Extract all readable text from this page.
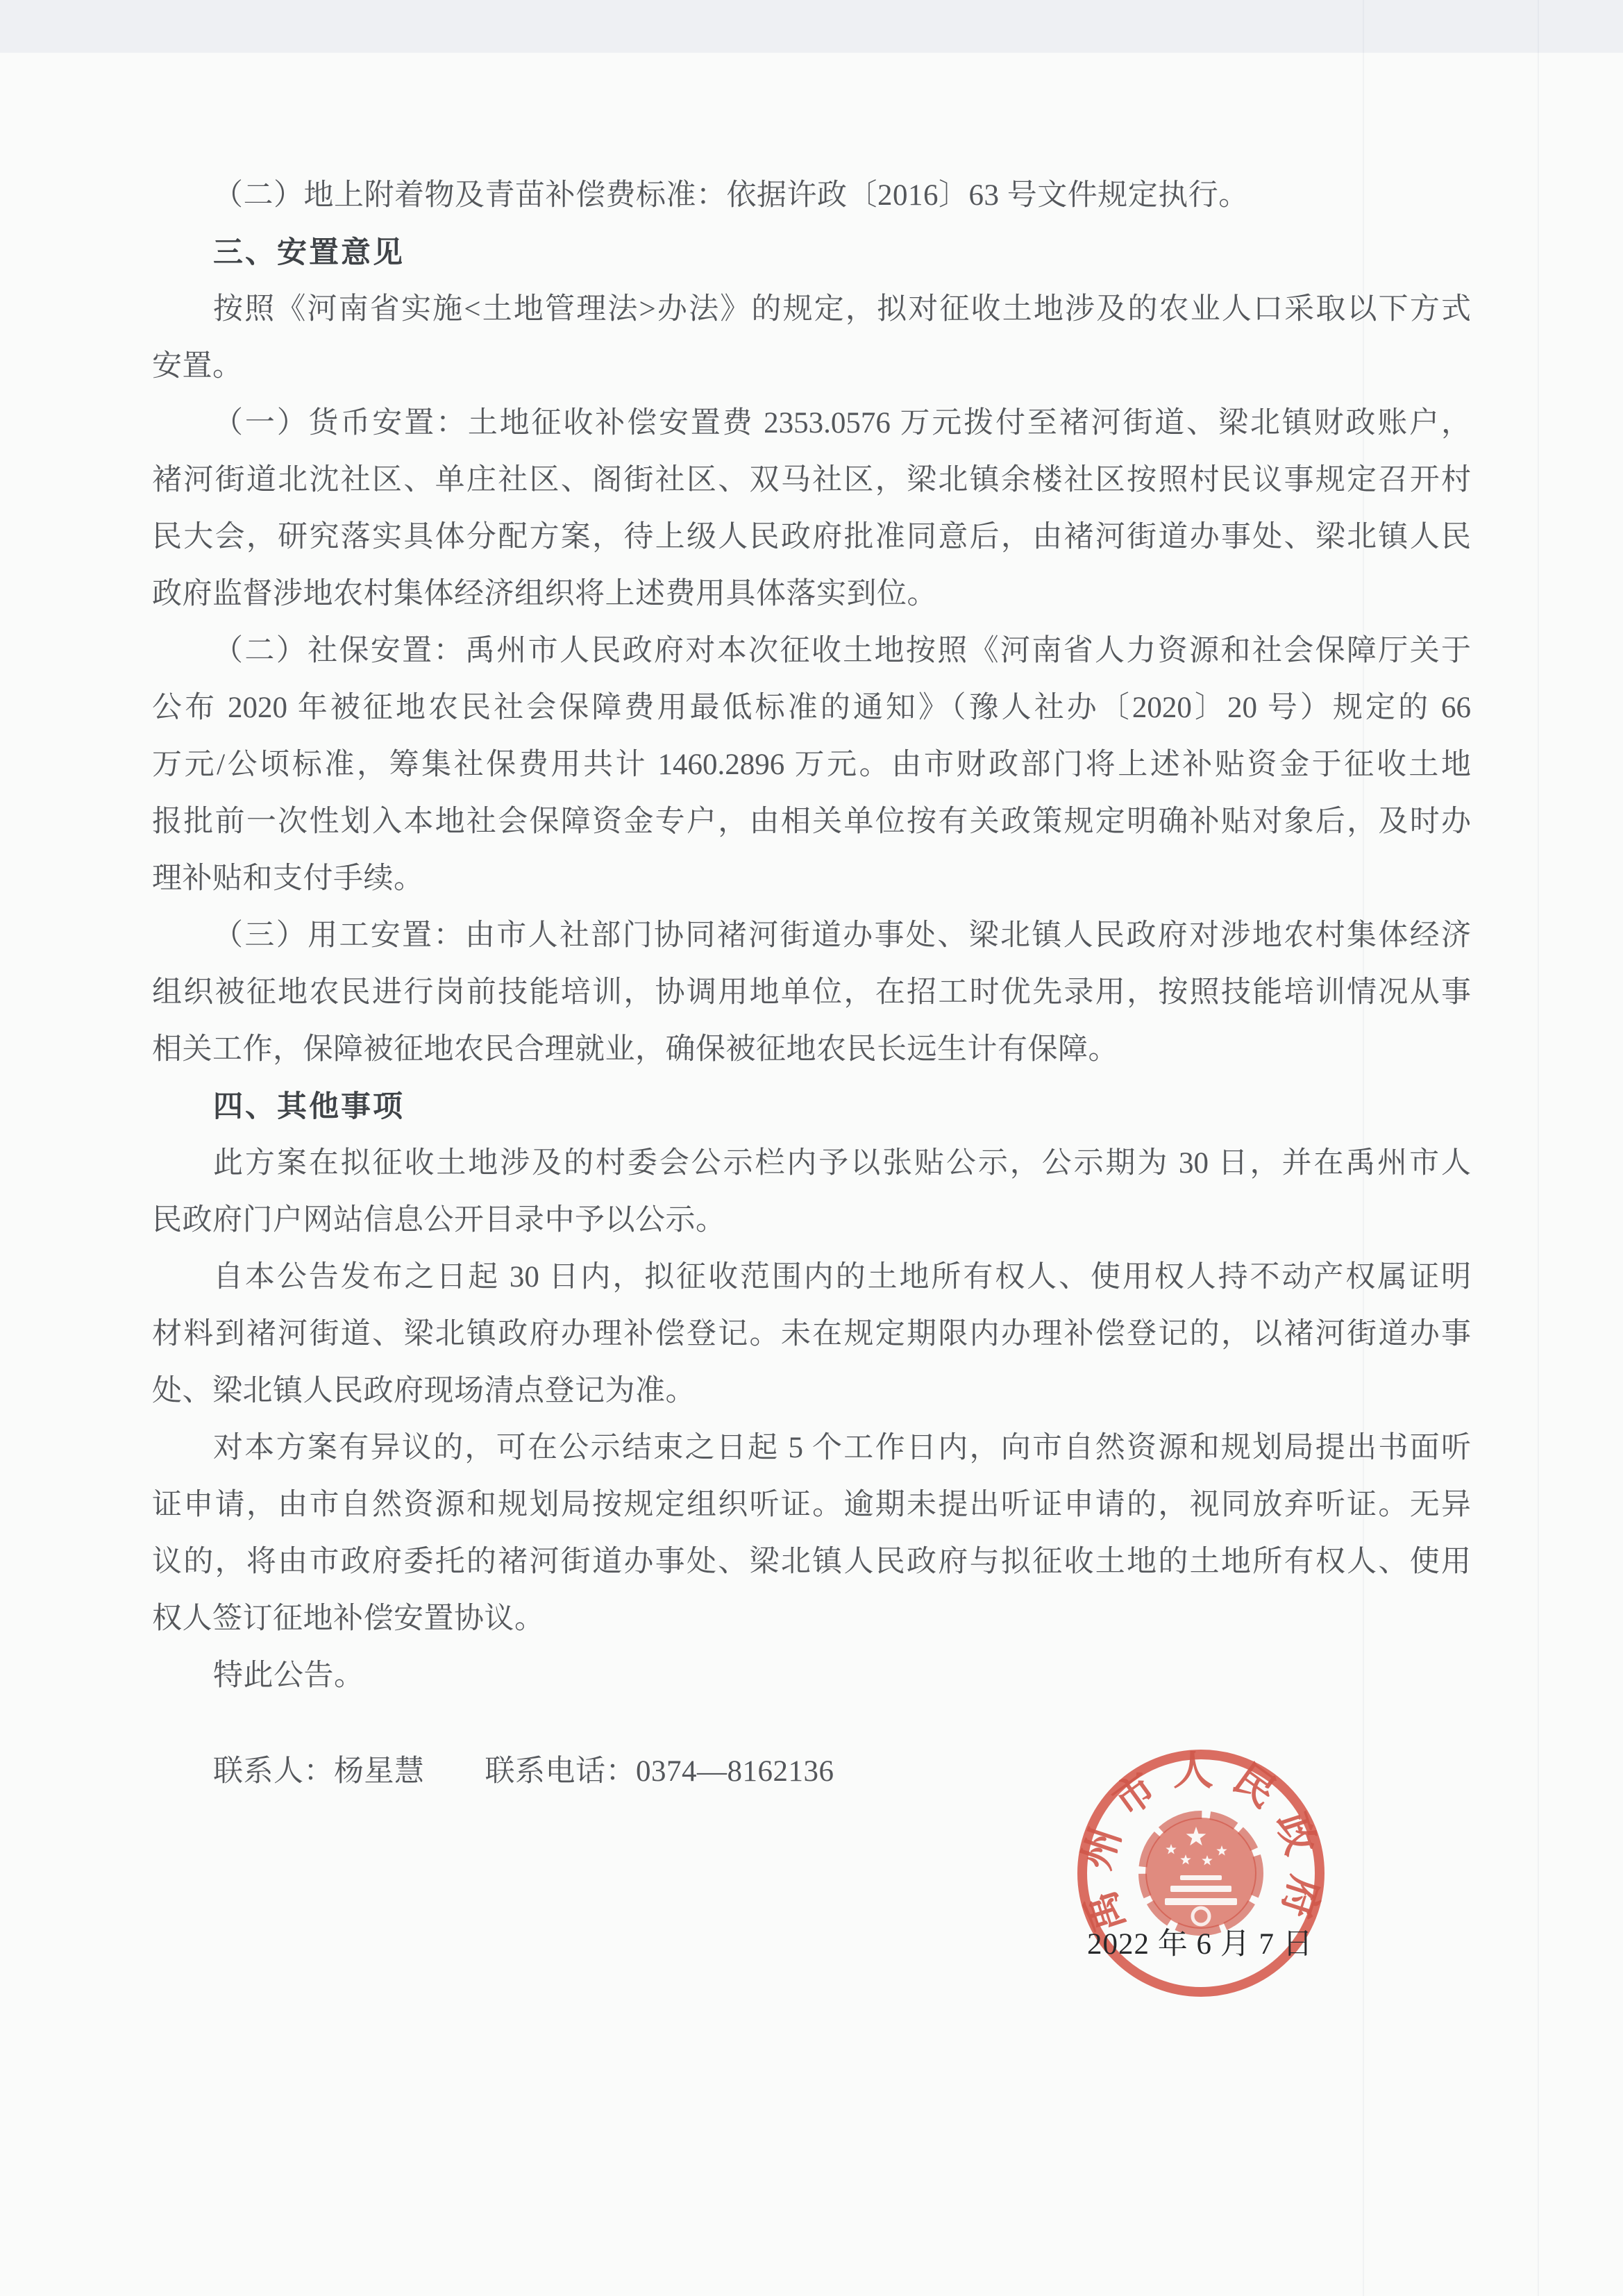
（二）地上附着物及青苗补偿费标准：依据许政〔2016〕63 号文件规定执行。
三、安置意见
按照《河南省实施<土地管理法>办法》的规定，拟对征收土地涉及的农业人口采取以下方式
安置。
（一）货币安置：土地征收补偿安置费 2353.0576 万元拨付至褚河街道、梁北镇财政账户，
褚河街道北沈社区、单庄社区、阁街社区、双马社区，梁北镇余楼社区按照村民议事规定召开村
民大会，研究落实具体分配方案，待上级人民政府批准同意后，由褚河街道办事处、梁北镇人民
政府监督涉地农村集体经济组织将上述费用具体落实到位。
（二）社保安置：禹州市人民政府对本次征收土地按照《河南省人力资源和社会保障厅关于
公布 2020 年被征地农民社会保障费用最低标准的通知》（豫人社办〔2020〕20 号）规定的 66
万元/公顷标准，筹集社保费用共计 1460.2896 万元。由市财政部门将上述补贴资金于征收土地
报批前一次性划入本地社会保障资金专户，由相关单位按有关政策规定明确补贴对象后，及时办
理补贴和支付手续。
（三）用工安置：由市人社部门协同褚河街道办事处、梁北镇人民政府对涉地农村集体经济
组织被征地农民进行岗前技能培训，协调用地单位，在招工时优先录用，按照技能培训情况从事
相关工作，保障被征地农民合理就业，确保被征地农民长远生计有保障。
四、其他事项
此方案在拟征收土地涉及的村委会公示栏内予以张贴公示，公示期为 30 日，并在禹州市人
民政府门户网站信息公开目录中予以公示。
自本公告发布之日起 30 日内，拟征收范围内的土地所有权人、使用权人持不动产权属证明
材料到褚河街道、梁北镇政府办理补偿登记。未在规定期限内办理补偿登记的，以褚河街道办事
处、梁北镇人民政府现场清点登记为准。
对本方案有异议的，可在公示结束之日起 5 个工作日内，向市自然资源和规划局提出书面听
证申请，由市自然资源和规划局按规定组织听证。逾期未提出听证申请的，视同放弃听证。无异
议的，将由市政府委托的褚河街道办事处、梁北镇人民政府与拟征收土地的土地所有权人、使用
权人签订征地补偿安置协议。
特此公告。
联系人：杨星慧　　联系电话：0374—8162136
禹州市人民政府
2022 年 6 月 7 日
